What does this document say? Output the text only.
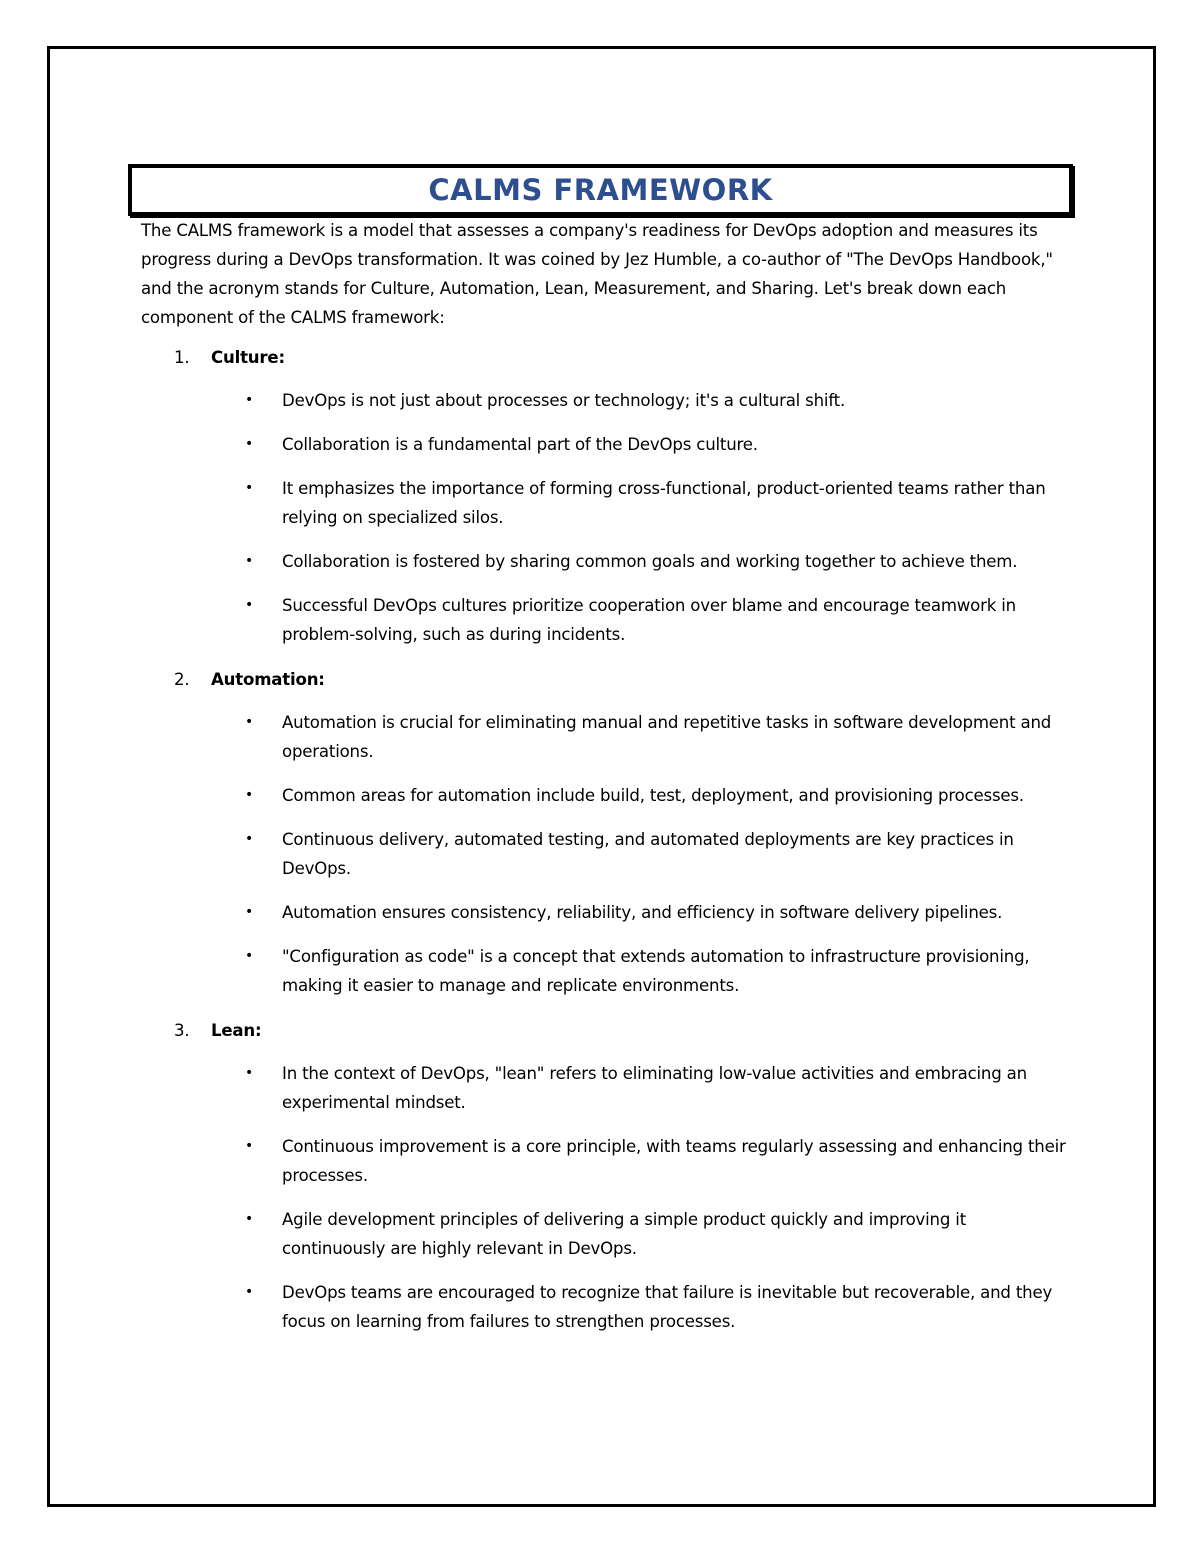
CALMS FRAMEWORK

The CALMS framework is a model that assesses a company's readiness for DevOps adoption and measures its progress during a DevOps transformation. It was coined by Jez Humble, a co-author of "The DevOps Handbook," and the acronym stands for Culture, Automation, Lean, Measurement, and Sharing. Let's break down each component of the CALMS framework:

1.	Culture:
•	DevOps is not just about processes or technology; it's a cultural shift.
•	Collaboration is a fundamental part of the DevOps culture.
•	It emphasizes the importance of forming cross-functional, product-oriented teams rather than relying on specialized silos.
•	Collaboration is fostered by sharing common goals and working together to achieve them.
•	Successful DevOps cultures prioritize cooperation over blame and encourage teamwork in problem-solving, such as during incidents.
2.	Automation:
•	Automation is crucial for eliminating manual and repetitive tasks in software development and operations.
•	Common areas for automation include build, test, deployment, and provisioning processes.
•	Continuous delivery, automated testing, and automated deployments are key practices in DevOps.
•	Automation ensures consistency, reliability, and efficiency in software delivery pipelines.
•	"Configuration as code" is a concept that extends automation to infrastructure provisioning, making it easier to manage and replicate environments.
3.	Lean:
•	In the context of DevOps, "lean" refers to eliminating low-value activities and embracing an experimental mindset.
•	Continuous improvement is a core principle, with teams regularly assessing and enhancing their processes.
•	Agile development principles of delivering a simple product quickly and improving it continuously are highly relevant in DevOps.
•	DevOps teams are encouraged to recognize that failure is inevitable but recoverable, and they focus on learning from failures to strengthen processes.
